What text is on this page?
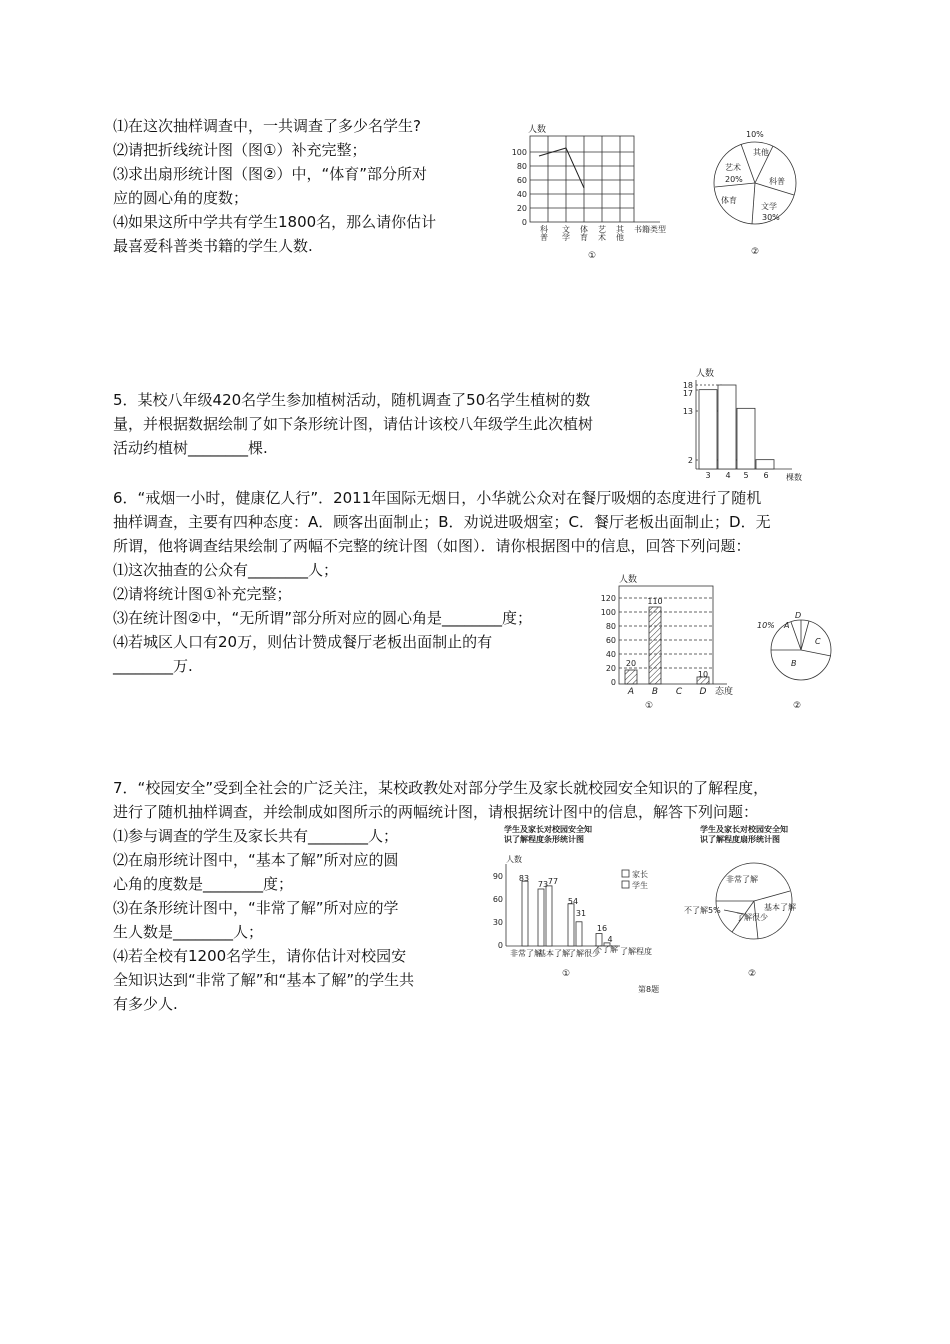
⑴在这次抽样调查中，一共调查了多少名学生?

⑵请把折线统计图（图①）补充完整；

⑶求出扇形统计图（图②）中，“体育”部分所对

应的圆心角的度数；

⑷如果这所中学共有学生1800名，那么请你估计

最喜爱科普类书籍的学生人数.

人数
100
80
60
40
20
0
科普 文学 体育 艺术 其他 书籍类型
①
10%
其他
艺术
20%	科普
体育
文学
30%
②

5．某校八年级420名学生参加植树活动，随机调查了50名学生植树的数

量，并根据数据绘制了如下条形统计图，请估计该校八年级学生此次植树

活动约植树________棵.

人数
18
17
13
2
3 4 5 6 棵数

6．“戒烟一小时，健康亿人行”．2011年国际无烟日，小华就公众对在餐厅吸烟的态度进行了随机

抽样调查，主要有四种态度：A．顾客出面制止；B．劝说进吸烟室；C．餐厅老板出面制止；D．无

所谓，他将调查结果绘制了两幅不完整的统计图（如图）．请你根据图中的信息，回答下列问题：

⑴这次抽查的公众有________人；

⑵请将统计图①补充完整；

⑶在统计图②中，“无所谓”部分所对应的圆心角是________度；

⑷若城区人口有20万，则估计赞成餐厅老板出面制止的有

________万.

人数
120
100
80
60
40
20
0
20
110
10
A B C D 态度
①
10% A
D
C
B
②

7．“校园安全”受到全社会的广泛关注，某校政教处对部分学生及家长就校园安全知识的了解程度，

进行了随机抽样调查，并绘制成如图所示的两幅统计图，请根据统计图中的信息，解答下列问题：

⑴参与调查的学生及家长共有________人；

⑵在扇形统计图中，“基本了解”所对应的圆

心角的度数是________度；

⑶在条形统计图中，“非常了解”所对应的学

生人数是________人；

⑷若全校有1200名学生，请你估计对校园安

全知识达到“非常了解”和“基本了解”的学生共

有多少人.

学生及家长对校园安全知
识了解程度条形统计图
人数
90
60
30
0
83
73 77
54
31
16
4
家长
学生
非常了解
基本了解
了解很少
不了解 了解程度
①
第8题
学生及家长对校园安全知
识了解程度扇形统计图
非常了解
基本了解
不了解5%
了解很少
②
